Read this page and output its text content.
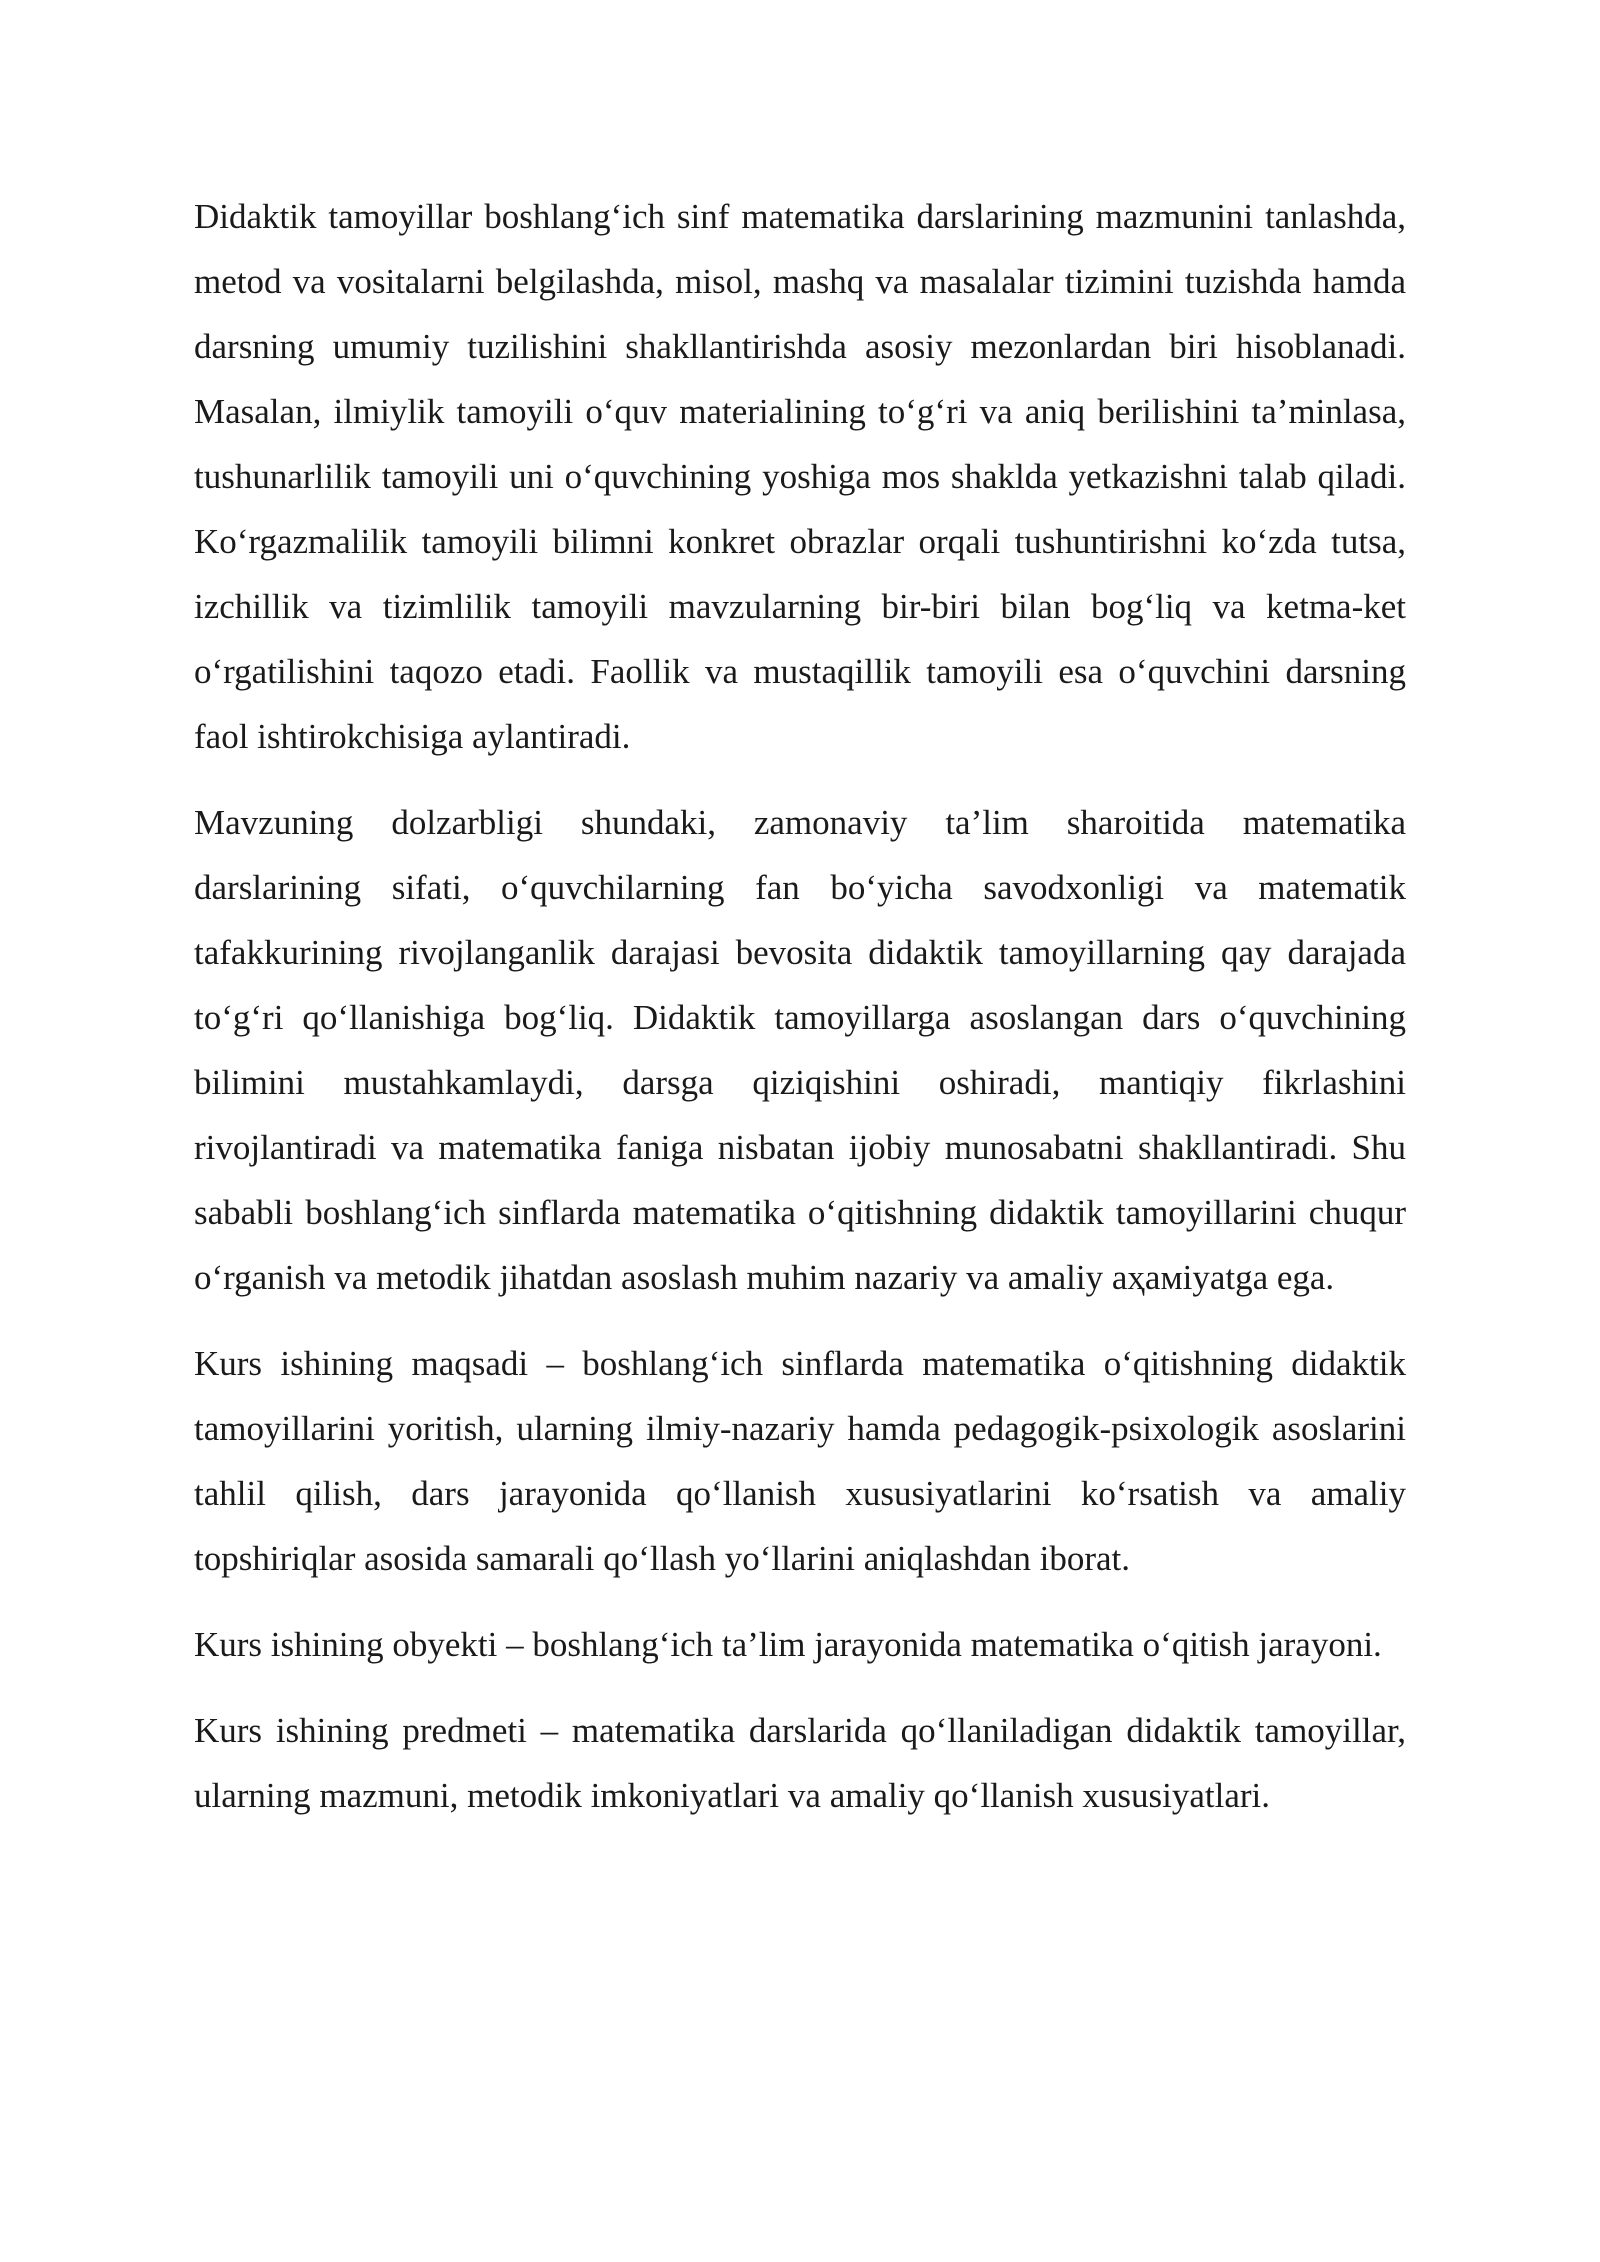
Didaktik tamoyillar boshlang‘ich sinf matematika darslarining mazmunini tanlashda, metod va vositalarni belgilashda, misol, mashq va masalalar tizimini tuzishda hamda darsning umumiy tuzilishini shakllantirishda asosiy mezonlardan biri hisoblanadi. Masalan, ilmiylik tamoyili o‘quv materialining to‘g‘ri va aniq berilishini ta’minlasa, tushunarlilik tamoyili uni o‘quvchining yoshiga mos shaklda yetkazishni talab qiladi. Ko‘rgazmalilik tamoyili bilimni konkret obrazlar orqali tushuntirishni ko‘zda tutsa, izchillik va tizimlilik tamoyili mavzularning bir-biri bilan bog‘liq va ketma-ket o‘rgatilishini taqozo etadi. Faollik va mustaqillik tamoyili esa o‘quvchini darsning faol ishtirokchisiga aylantiradi.

Mavzuning dolzarbligi shundaki, zamonaviy ta’lim sharoitida matematika darslarining sifati, o‘quvchilarning fan bo‘yicha savodxonligi va matematik tafakkurining rivojlanganlik darajasi bevosita didaktik tamoyillarning qay darajada to‘g‘ri qo‘llanishiga bog‘liq. Didaktik tamoyillarga asoslangan dars o‘quvchining bilimini mustahkamlaydi, darsga qiziqishini oshiradi, mantiqiy fikrlashini rivojlantiradi va matematika faniga nisbatan ijobiy munosabatni shakllantiradi. Shu sababli boshlang‘ich sinflarda matematika o‘qitishning didaktik tamoyillarini chuqur o‘rganish va metodik jihatdan asoslash muhim nazariy va amaliy aҳамiyatga ega.

Kurs ishining maqsadi – boshlang‘ich sinflarda matematika o‘qitishning didaktik tamoyillarini yoritish, ularning ilmiy-nazariy hamda pedagogik-psixologik asoslarini tahlil qilish, dars jarayonida qo‘llanish xususiyatlarini ko‘rsatish va amaliy topshiriqlar asosida samarali qo‘llash yo‘llarini aniqlashdan iborat.

Kurs ishining obyekti – boshlang‘ich ta’lim jarayonida matematika o‘qitish jarayoni.

Kurs ishining predmeti – matematika darslarida qo‘llaniladigan didaktik tamoyillar, ularning mazmuni, metodik imkoniyatlari va amaliy qo‘llanish xususiyatlari.
